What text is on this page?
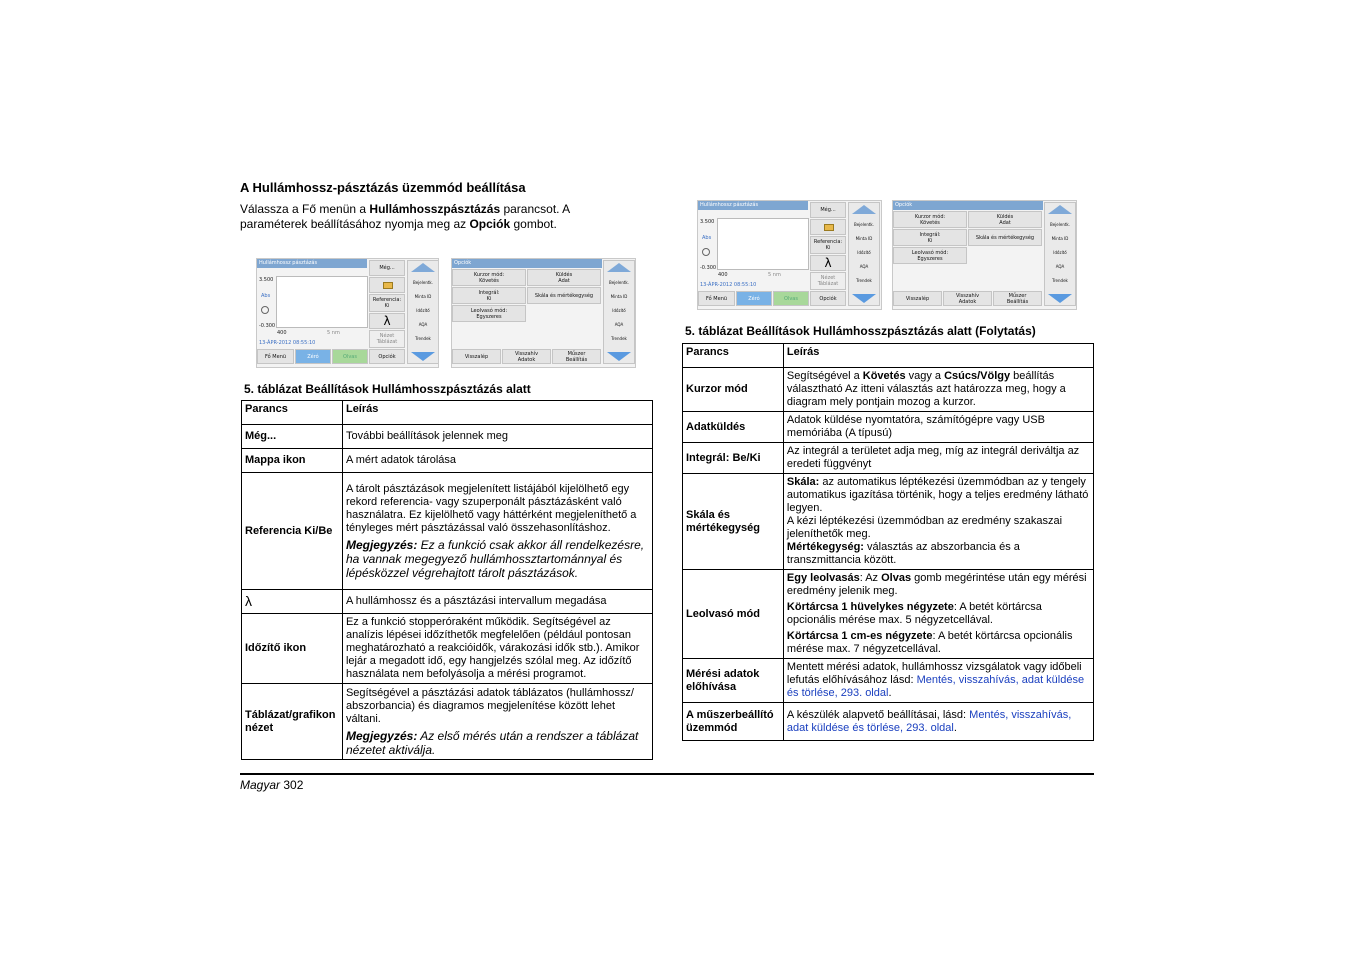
A Hullámhossz-pásztázás üzemmód beállítása
Válassza a Fő menün a Hullámhosszpásztázás parancsot. A paraméterek beállításához nyomja meg az Opciók gombot.
Hullámhossz pásztázás
3.500
Abs
-0.300
400	5 nm
13-ÁPR-2012 08:55:10
Még...
Referencia:
Ki
λ
Nézet
Táblázat
Fő Menü	Zéró	Olvas	Opciók
Bejelentk.
Minta ID
Időzítő
AQA
Trendek
Opciók
Kurzor mód:
Követés
Küldés
Adat
Integrál:
Ki	Skála és mértékegység
Leolvasó mód:
Egyszeres
Visszalép	Visszahív
Adatok
Műszer
Beállítás
Bejelentk.
Minta ID
Időzítő
AQA
Trendek
Hullámhossz pásztázás
3.500
Abs
-0.300
400	5 nm
13-ÁPR-2012 08:55:10
Még...
Referencia:
Ki
λ
Nézet
Táblázat
Fő Menü	Zéró	Olvas	Opciók
Bejelentk.
Minta ID
Időzítő
AQA
Trendek
Opciók
Kurzor mód:
Követés
Küldés
Adat
Integrál:
Ki	Skála és mértékegység
Leolvasó mód:
Egyszeres
Visszalép	Visszahív
Adatok
Műszer
Beállítás
Bejelentk.
Minta ID
Időzítő
AQA
Trendek
5. táblázat Beállítások Hullámhosszpásztázás alatt
Parancs	Leírás
Még...	További beállítások jelennek meg
Mappa ikon	A mért adatok tárolása
Referencia Ki/Be	A tárolt pásztázások megjelenített listájából kijelölhető egy rekord referencia- vagy szuperponált pásztázásként való használatra. Ez kijelölhető vagy háttérként megjeleníthető a tényleges mért pásztázással való összehasonlításhoz.

Megjegyzés: Ez a funkció csak akkor áll rendelkezésre, ha vannak megegyező hullámhossztartománnyal és lépésközzel végrehajtott tárolt pásztázások.

λ	A hullámhossz és a pásztázási intervallum megadása
Időzítő ikon	Ez a funkció stopperóraként működik. Segítségével az analízis lépései időzíthetők megfelelően (például pontosan meghatározható a reakcióidők, várakozási idők stb.). Amikor lejár a megadott idő, egy hangjelzés szólal meg. Az időzítő használata nem befolyásolja a mérési programot.
Táblázat/grafikon nézet	Segítségével a pásztázási adatok táblázatos (hullámhossz/ abszorbancia) és diagramos megjelenítése között lehet váltani.

Megjegyzés: Az első mérés után a rendszer a táblázat nézetet aktiválja.

5. táblázat Beállítások Hullámhosszpásztázás alatt (Folytatás)
Parancs	Leírás
Kurzor mód	Segítségével a Követés vagy a Csúcs/Völgy beállítás választható Az itteni választás azt határozza meg, hogy a diagram mely pontjain mozog a kurzor.
Adatküldés	Adatok küldése nyomtatóra, számítógépre vagy USB memóriába (A típusú)
Integrál: Be/Ki	Az integrál a területet adja meg, míg az integrál deriváltja az eredeti függvényt
Skála és mértékegység	Skála: az automatikus léptékezési üzemmódban az y tengely automatikus igazítása történik, hogy a teljes eredmény látható legyen.
A kézi léptékezési üzemmódban az eredmény szakaszai jeleníthetők meg.
Mértékegység: választás az abszorbancia és a transzmittancia között.
Leolvasó mód	Egy leolvasás: Az Olvas gomb megérintése után egy mérési eredmény jelenik meg.

Körtárcsa 1 hüvelykes négyzete: A betét körtárcsa opcionális mérése max. 5 négyzetcellával.

Körtárcsa 1 cm-es négyzete: A betét körtárcsa opcionális mérése max. 7 négyzetcellával.

Mérési adatok előhívása	Mentett mérési adatok, hullámhossz vizsgálatok vagy időbeli lefutás előhívásához lásd: Mentés, visszahívás, adat küldése és törlése, 293. oldal.
A műszerbeállító üzemmód	A készülék alapvető beállításai, lásd: Mentés, visszahívás, adat küldése és törlése, 293. oldal.
Magyar 302
